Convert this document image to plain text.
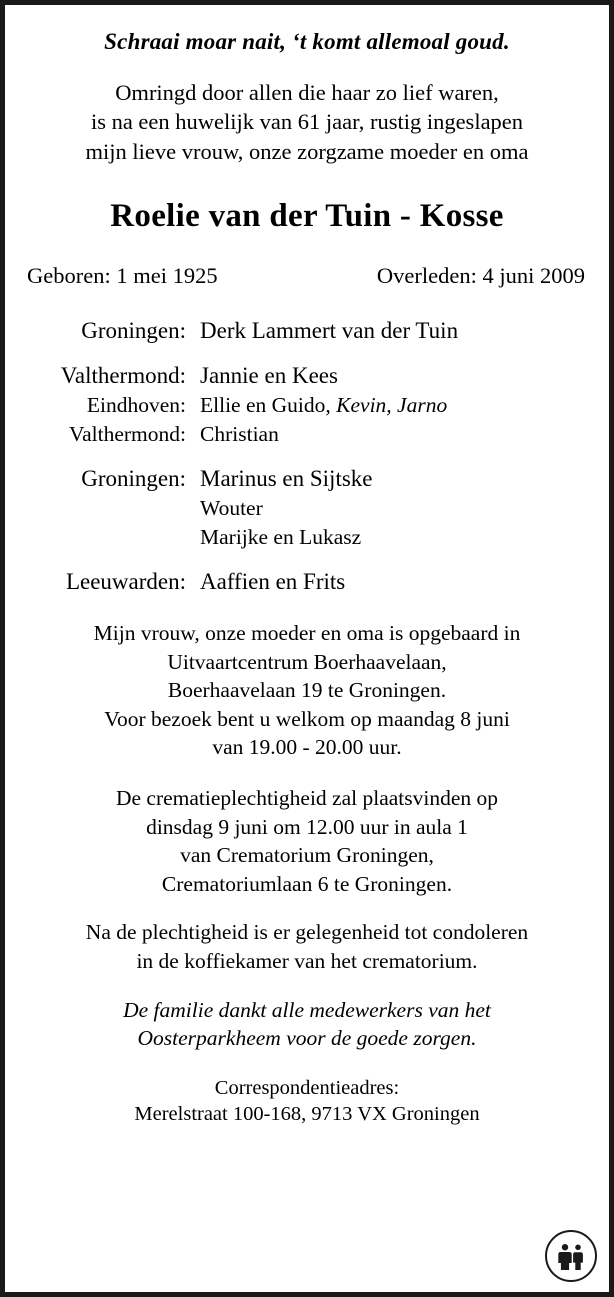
Schraai moar nait, ‘t komt allemoal goud.
Omringd door allen die haar zo lief waren,
is na een huwelijk van 61 jaar, rustig ingeslapen
mijn lieve vrouw, onze zorgzame moeder en oma
Roelie van der Tuin - Kosse
Geboren: 1 mei 1925	Overleden: 4 juni 2009
Groningen: Derk Lammert van der Tuin
Valthermond: Jannie en Kees
Eindhoven: Ellie en Guido, Kevin, Jarno
Valthermond: Christian
Groningen: Marinus en Sijtske
Wouter
Marijke en Lukasz
Leeuwarden: Aaffien en Frits
Mijn vrouw, onze moeder en oma is opgebaard in
Uitvaartcentrum Boerhaavelaan,
Boerhaavelaan 19 te Groningen.
Voor bezoek bent u welkom op maandag 8 juni
van 19.00 - 20.00 uur.
De crematieplechtigheid zal plaatsvinden op
dinsdag 9 juni om 12.00 uur in aula 1
van Crematorium Groningen,
Crematoriumlaan 6 te Groningen.
Na de plechtigheid is er gelegenheid tot condoleren
in de koffiekamer van het crematorium.
De familie dankt alle medewerkers van het
Oosterparkheem voor de goede zorgen.
Correspondentieadres:
Merelstraat 100-168, 9713 VX Groningen
